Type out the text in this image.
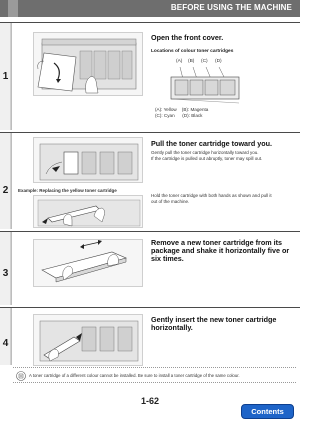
BEFORE USING THE MACHINE
1
Open the front cover.
Locations of colour toner cartridges
(A) (B) (C) (D)
(A): Yellow    (B): Magenta
(C): Cyan      (D): Black
2
Pull the toner cartridge toward you.
Gently pull the toner cartridge horizontally toward you.
If the cartridge is pulled out abruptly, toner may spill out.
Example: Replacing the yellow toner cartridge
Hold the toner cartridge with both hands as shown and pull it
out of the machine.
3
Remove a new toner cartridge from its
package and shake it horizontally five or
six times.
4
Gently insert the new toner cartridge
horizontally.
A toner cartridge of a different colour cannot be installed. Be sure to install a toner cartridge of the same colour.
1-62
Contents
